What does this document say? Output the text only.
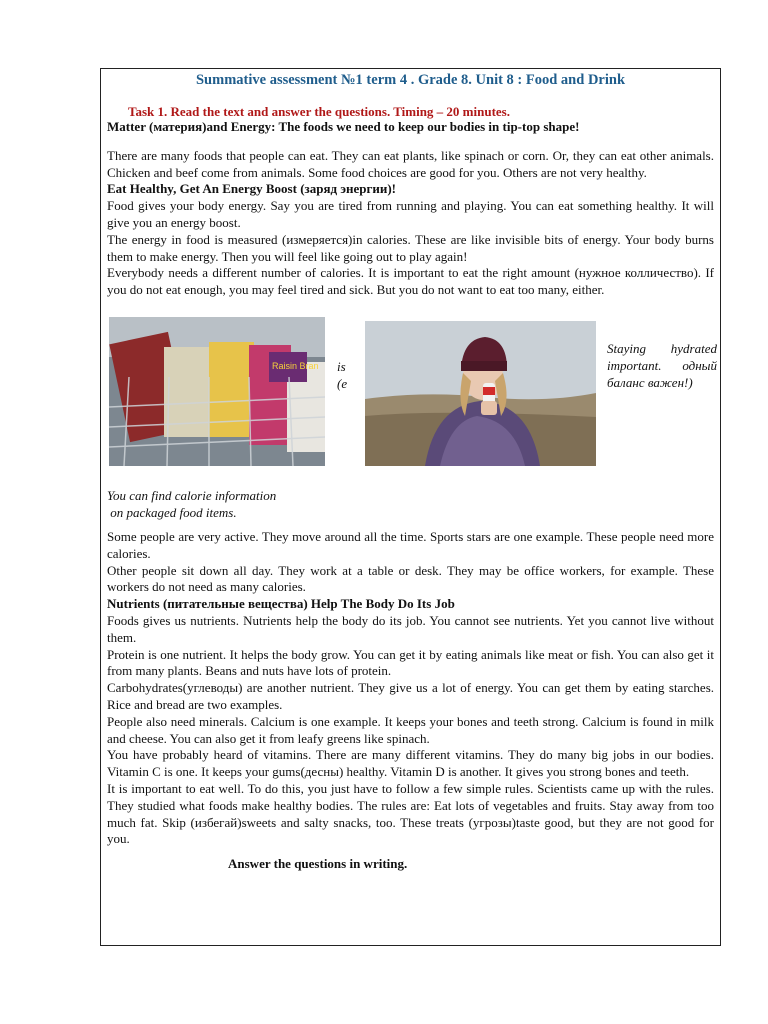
Summative assessment №1 term 4 . Grade 8. Unit 8 : Food and Drink
Task 1. Read the text and answer the questions. Timing – 20 minutes.

Matter (материя)and Energy: The foods we need to keep our bodies in tip-top shape!

There are many foods that people can eat. They can eat plants, like spinach or corn. Or, they can eat other animals. Chicken and beef come from animals. Some food choices are good for you. Others are not very healthy.

Eat Healthy, Get An Energy Boost (заряд энергии)!

Food gives your body energy. Say you are tired from running and playing. You can eat something healthy. It will give you an energy boost.

The energy in food is measured (измеряется)in calories. These are like invisible bits of energy. Your body burns them to make energy. Then you will feel like going out to play again!

Everybody needs a different number of calories. It is important to eat the right amount (нужное колличество). If you do not eat enough, you may feel tired and sick. But you do not want to eat too many, either.

Raisin Bran is
(е
Staying hydrated important. одный баланс важен!)
You can find calorie information
on packaged food items.

Some people are very active. They move around all the time. Sports stars are one example. These people need more calories.

Other people sit down all day. They work at a table or desk. They may be office workers, for example. These workers do not need as many calories.

Nutrients (питательные вещества) Help The Body Do Its Job

Foods gives us nutrients. Nutrients help the body do its job. You cannot see nutrients. Yet you cannot live without them.

Protein is one nutrient. It helps the body grow. You can get it by eating animals like meat or fish. You can also get it from many plants. Beans and nuts have lots of protein.

Carbohydrates(углеводы) are another nutrient. They give us a lot of energy. You can get them by eating starches. Rice and bread are two examples.

People also need minerals. Calcium is one example. It keeps your bones and teeth strong. Calcium is found in milk and cheese. You can also get it from leafy greens like spinach.

You have probably heard of vitamins. There are many different vitamins. They do many big jobs in our bodies. Vitamin C is one. It keeps your gums(десны) healthy. Vitamin D is another. It gives you strong bones and teeth.

It is important to eat well. To do this, you just have to follow a few simple rules. Scientists came up with the rules. They studied what foods make healthy bodies. The rules are: Eat lots of vegetables and fruits. Stay away from too much fat. Skip (избегай)sweets and salty snacks, too. These treats (угрозы)taste good, but they are not good for you.

Answer the questions in writing.
